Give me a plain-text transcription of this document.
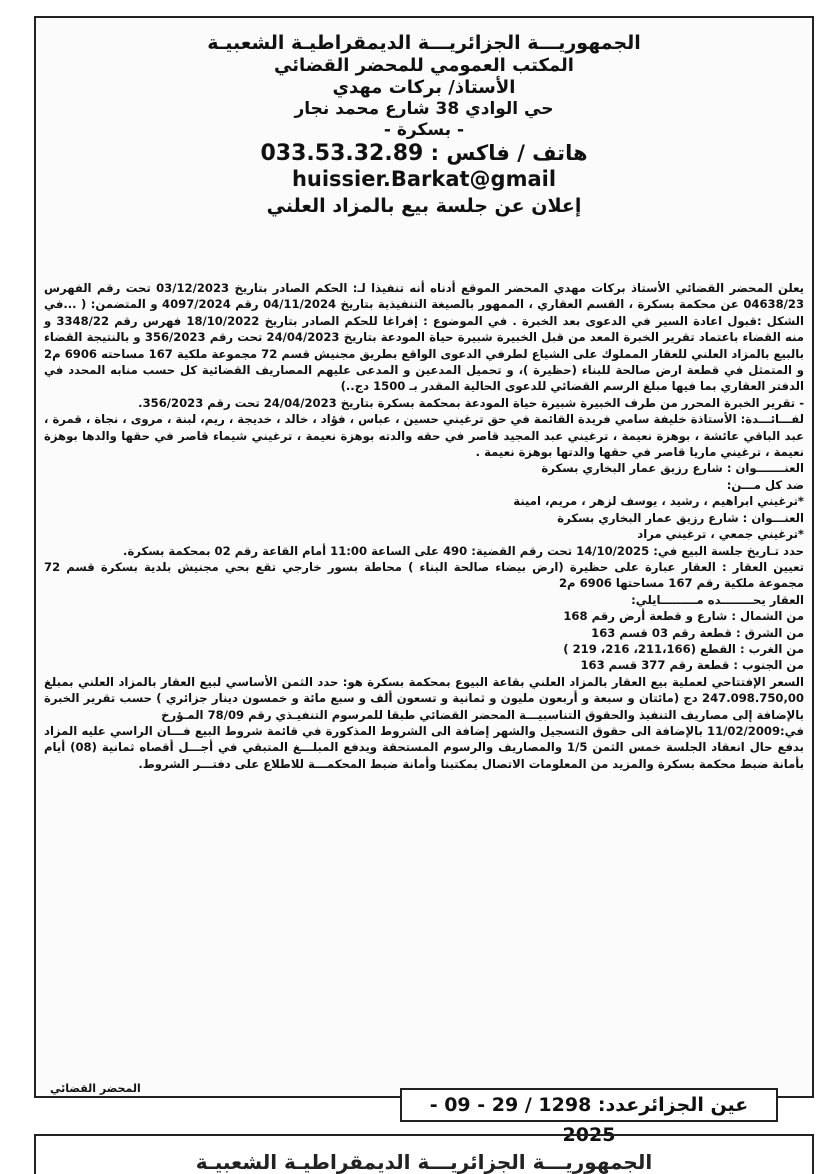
الجمهوريـــة الجزائريـــة الديمقراطيـة الشعبيـة
المكتب العمومي للمحضر القضائي
الأستاذ/ بركات مهدي
حي الوادي 38 شارع محمد نجار
- بسكرة -
033.53.32.89 هاتف / فاكس :
huissier.Barkat@gmail
إعلان عن جلسة بيع بالمزاد العلني

يعلن المحضر القضائي الأستاذ بركات مهدي المحضر الموقع أدناه أنه تنفيذا لـ: الحكم الصادر بتاريخ 03/12/2023 تحت رقم الفهرس 04638/23 عن محكمة بسكرة ، القسم العقاري ، الممهور بالصيغة التنفيذية بتاريخ 04/11/2024 رقم 4097/2024 و المتضمن: ( ...في الشكل :قبول اعادة السير في الدعوى بعد الخبرة . في الموضوع : إفراغا للحكم الصادر بتاريخ 18/10/2022 فهرس رقم 3348/22 و منه القضاء باعتماد تقرير الخبرة المعد من قبل الخبيرة شبيرة حياة المودعة بتاريخ 24/04/2023 تحت رقم 356/2023 و بالنتيجة القضاء بالبيع بالمزاد العلني للعقار المملوك على الشياع لطرفي الدعوى الواقع بطريق مجنيش قسم 72 مجموعة ملكية 167 مساحته 6906 م2 و المتمثل في قطعة ارض صالحة للبناء (حظيرة )، و تحميل المدعين و المدعى عليهم المصاريف القضائية كل حسب منابه المحدد في الدفتر العقاري بما فيها مبلغ الرسم القضائي للدعوى الحالية المقدر بـ 1500 دج..)

- تقرير الخبرة المحرر من طرف الخبيرة شبيرة حياة المودعة بمحكمة بسكرة بتاريخ 24/04/2023 تحت رقم 356/2023.

لفـــائـــدة: الأستاذة خليفة سامي فريدة القائمة في حق ترغيني حسين ، عباس ، فؤاد ، خالد ، خديجة ، ريم، لبنة ، مروى ، نجاة ، قمرة ، عبد الباقي عائشة ، بوهزة نعيمة ، ترغيني عبد المجيد قاصر في حقه والدته بوهزة نعيمة ، ترغيني شيماء قاصر في حقها والدها بوهزة نعيمة ، ترغيني ماريا قاصر في حقها والدتها بوهزة نعيمة .

العنـــــــوان : شارع رزيق عمار البخاري بسكرة

ضد كل مـــن:

*ترغيني ابراهيم ، رشيد ، يوسف لزهر ، مريم، امينة

العنـــوان : شارع رزيق عمار البخاري بسكرة

*ترغيني جمعي ، ترغيني مراد

حدد تـاريخ جلسة البيع في: 14/10/2025 تحت رقم القضية: 490 على الساعة 11:00 أمام القاعة رقم 02 بمحكمة بسكرة.

تعيين العقار : العقار عبارة على حظيرة (ارض بيضاء صالحة البناء ) محاطة بسور خارجي تقع بحي مجنيش بلدية بسكرة قسم 72 مجموعة ملكية رقم 167 مساحتها 6906 م2

العقار يحــــــــده مـــــــــايلي:

من الشمال : شارع و قطعة أرض رقم 168

من الشرق : قطعة رقم 03 قسم 163

من الغرب : القطع (211،166، 216، 219 )

من الجنوب : قطعة رقم 377 قسم 163

السعر الإفتتاحي لعملية بيع العقار بالمزاد العلني بقاعة البيوع بمحكمة بسكرة هو: حدد الثمن الأساسي لبيع العقار بالمزاد العلني بمبلغ 247.098.750,00 دج (مائتان و سبعة و أربعون مليون و ثمانية و تسعون ألف و سبع مائة و خمسون دينار جزائري ) حسب تقرير الخبرة بالإضافة إلى مصاريف التنفيذ والحقوق التناسبيـــة المحضر القضائي طبقا للمرسوم التنفيـذي رقم 78/09 المـؤرخ

في:11/02/2009 بالإضافة الى حقوق التسجيل والشهر إضافة الى الشروط المذكورة في قائمة شروط البيع فـــان الراسي عليه المزاد بدفع حال انعقاد الجلسة خمس الثمن 1/5 والمصاريف والرسوم المستحقة ويدفع المبلـــغ المتبقي في أجـــل أقصاه ثمانية (08) أيام بأمانة ضبط محكمة بسكرة والمزيد من المعلومات الاتصال بمكتبنا وأمانة ضبط المحكمـــة للاطلاع على دفتـــر الشروط.

المحضر القضائي
عين الجزائرعدد: 1298 / 29 - 09 - 2025
الجمهوريـــة الجزائريـــة الديمقراطيـة الشعبيـة
